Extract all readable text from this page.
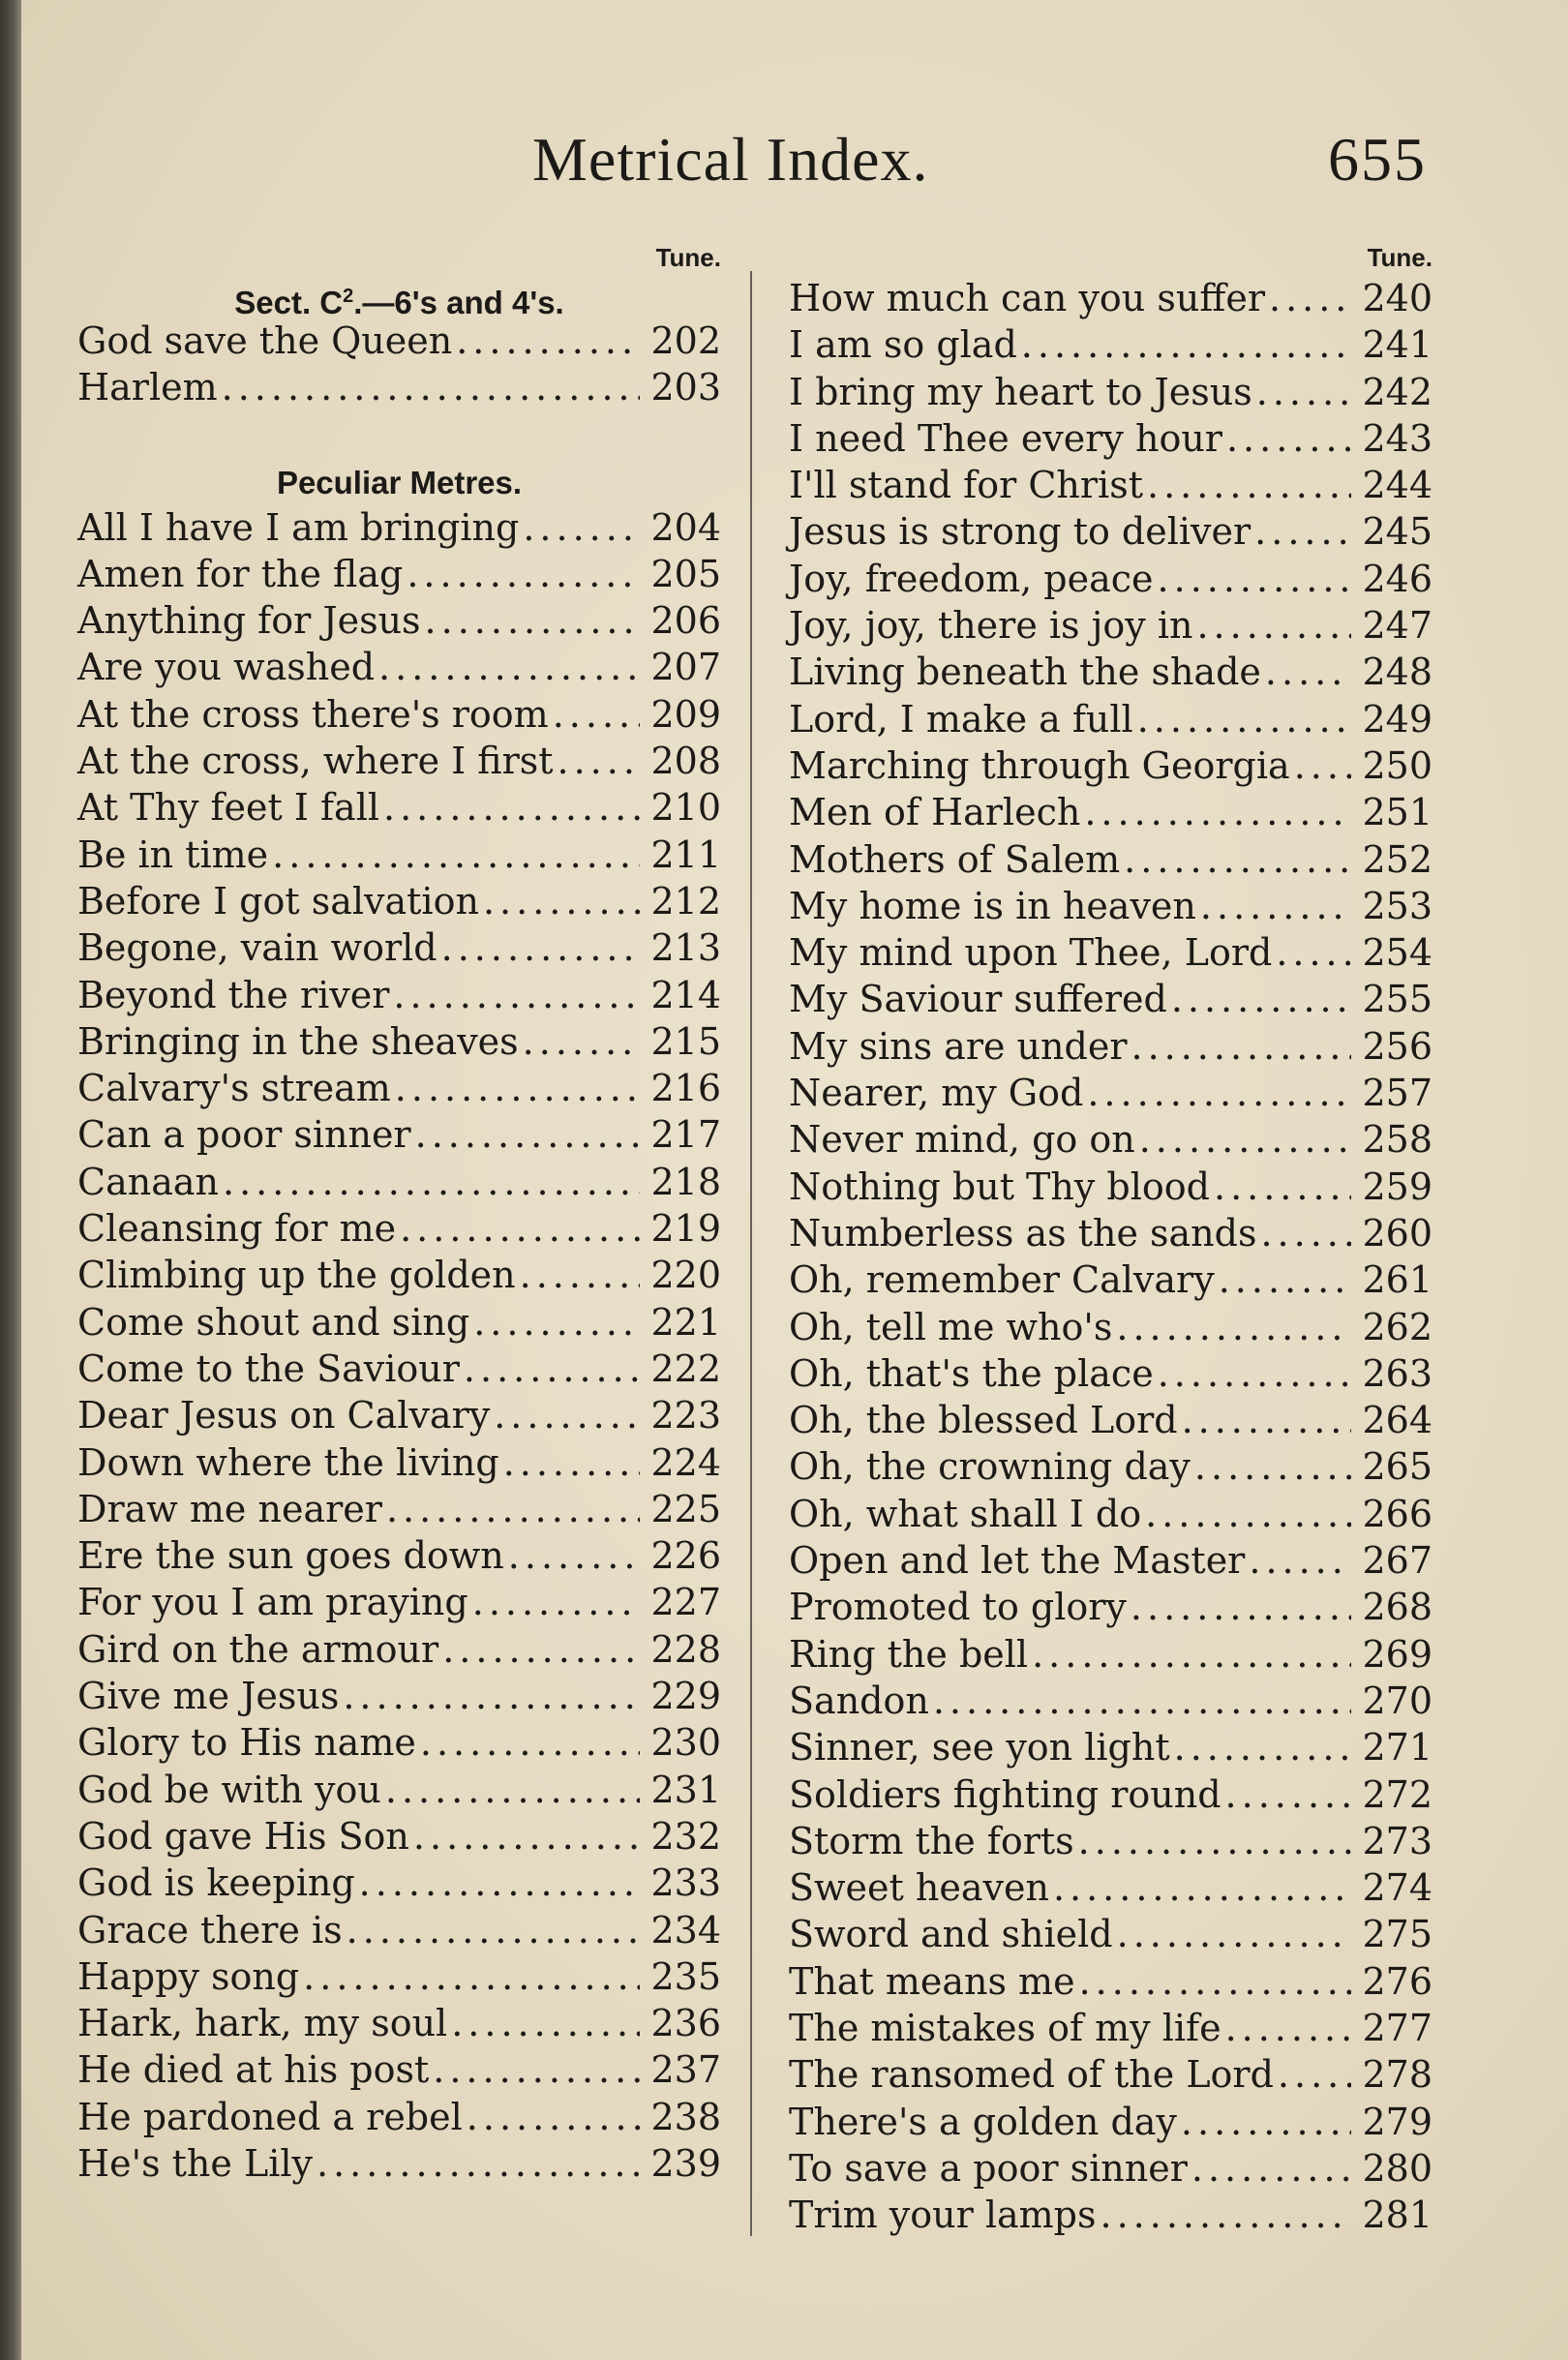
Metrical Index.	655
Tune.
Sect. $C^2.—6's$ and 4's.
God save the Queen .....	202
Harlem .....	203
Peculiar Metres.
All I have I am bringing .....	204
Amen for the flag .....	205
Anything for Jesus .....	206
Are you washed .....	207
At the cross there's room .....	209
At the cross, where I first .....	208
At Thy feet I fall .....	210
Be in time .....	211
Before I got salvation .....	212
Begone, vain world .....	213
Beyond the river .....	214
Bringing in the sheaves .....	215
Calvary's stream .....	216
Can a poor sinner .....	217
Canaan .....	218
Cleansing for me .....	219
Climbing up the golden .....	220
Come shout and sing .....	221
Come to the Saviour .....	222
Dear Jesus on Calvary .....	223
Down where the living .....	224
Draw me nearer .....	225
Ere the sun goes down .....	226
For you I am praying .....	227
Gird on the armour .....	228
Give me Jesus .....	229
Glory to His name .....	230
God be with you .....	231
God gave His Son .....	232
God is keeping .....	233
Grace there is .....	234
Happy song .....	235
Hark, hark, my soul .....	236
He died at his post .....	237
He pardoned a rebel .....	238
He's the Lily .....	239
Tune.
How much can you suffer .....	240
I am so glad .....	241
I bring my heart to Jesus .....	242
I need Thee every hour .....	243
I'll stand for Christ .....	244
Jesus is strong to deliver .....	245
Joy, freedom, peace .....	246
Joy, joy, there is joy in .....	247
Living beneath the shade .....	248
Lord, I make a full .....	249
Marching through Georgia ..... 250
Men of Harlech .....	251
Mothers of Salem .....	252
My home is in heaven .....	253
My mind upon Thee, Lord ..... 254
My Saviour suffered .....	255
My sins are under .....	256
Nearer, my God .....	257
Never mind, go on .....	258
Nothing but Thy blood .....	259
Numberless as the sands .....	260
Oh, remember Calvary .....	261
Oh, tell me who's .....	262
Oh, that's the place .....	263
Oh, the blessed Lord .....	264
Oh, the crowning day .....	265
Oh, what shall I do .....	266
Open and let the Master .....	267
Promoted to glory .....	268
Ring the bell .....	269
Sandon .....	270
Sinner, see yon light .....	271
Soldiers fighting round .....	272
Storm the forts .....	273
Sweet heaven .....	274
Sword and shield .....	275
That means me .....	276
The mistakes of my life .....	277
The ransomed of the Lord ..... 278
There's a golden day .....	279
To save a poor sinner .....	280
Trim your lamps .....	281
